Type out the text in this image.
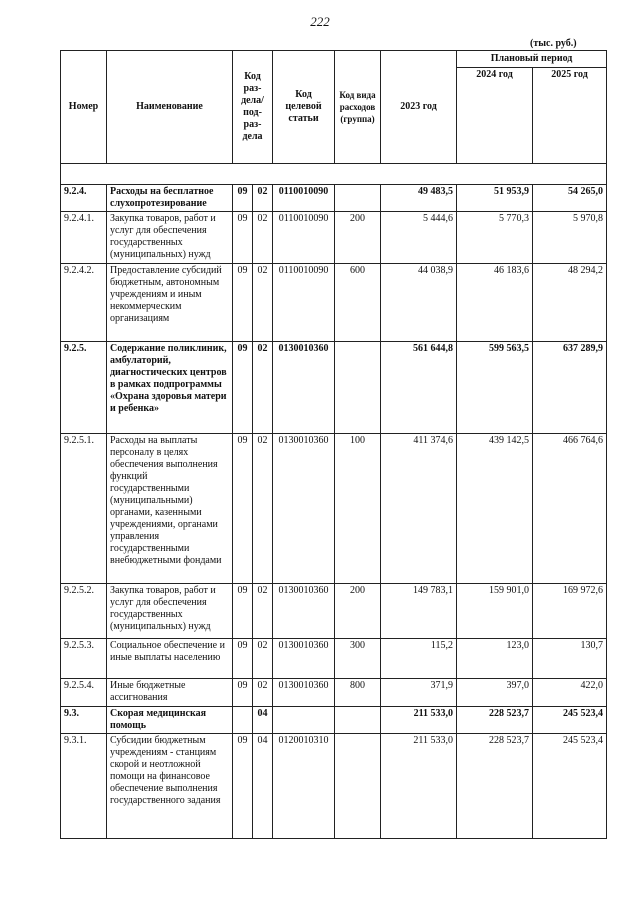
222
(тыс. руб.)
Номер	Наименование	Код раз-дела/ под-раз-дела		Код целевой статьи	Код вида расходов (группа)	2023 год	Плановый период	
							2024 год	2025 год

9.2.4.	Расходы на бесплатное слухопротезирование	09	02	0110010090		49 483,5	51 953,9	54 265,0
9.2.4.1.	Закупка товаров, работ и услуг для обеспечения государственных (муниципальных) нужд	09	02	0110010090	200	5 444,6	5 770,3	5 970,8
9.2.4.2.	Предоставление субсидий бюджетным, автономным учреждениям и иным некоммерческим организациям	09	02	0110010090	600	44 038,9	46 183,6	48 294,2
9.2.5.	Содержание поликлиник, амбулаторий, диагностических центров в рамках подпрограммы «Охрана здоровья матери и ребенка»	09	02	0130010360		561 644,8	599 563,5	637 289,9
9.2.5.1.	Расходы на выплаты персоналу в целях обеспечения выполнения функций государственными (муниципальными) органами, казенными учреждениями, органами управления государственными внебюджетными фондами	09	02	0130010360	100	411 374,6	439 142,5	466 764,6
9.2.5.2.	Закупка товаров, работ и услуг для обеспечения государственных (муниципальных) нужд	09	02	0130010360	200	149 783,1	159 901,0	169 972,6
9.2.5.3.	Социальное обеспечение и иные выплаты населению	09	02	0130010360	300	115,2	123,0	130,7
9.2.5.4.	Иные бюджетные ассигнования	09	02	0130010360	800	371,9	397,0	422,0
9.3.	Скорая медицинская помощь		04			211 533,0	228 523,7	245 523,4
9.3.1.	Субсидии бюджетным учреждениям - станциям скорой и неотложной помощи на финансовое обеспечение выполнения государственного задания	09	04	0120010310		211 533,0	228 523,7	245 523,4
